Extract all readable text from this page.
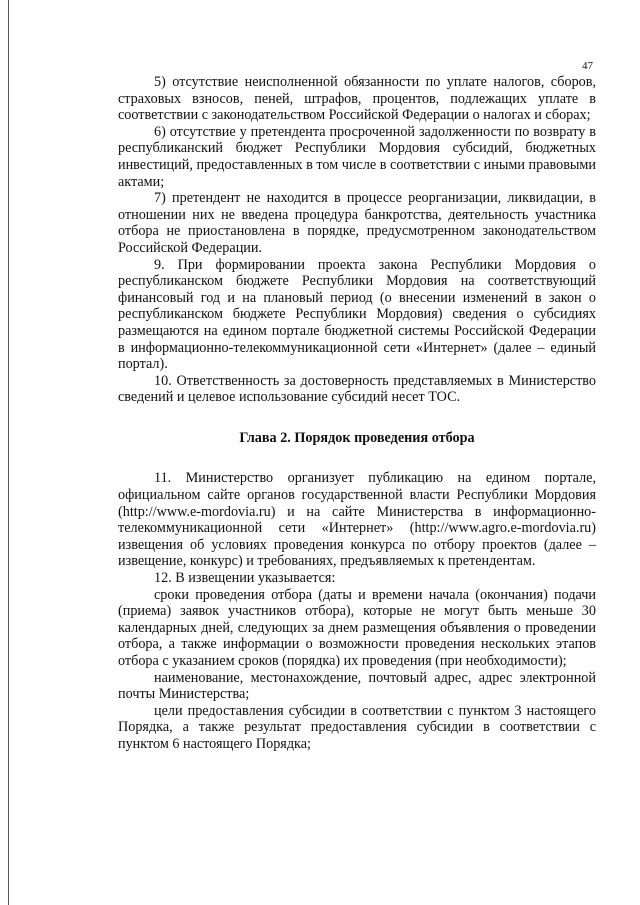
47

5) отсутствие неисполненной обязанности по уплате налогов, сборов, страховых взносов, пеней, штрафов, процентов, подлежащих уплате в соответствии с законодательством Российской Федерации о налогах и сборах;

6) отсутствие у претендента просроченной задолженности по возврату в республиканский бюджет Республики Мордовия субсидий, бюджетных инвестиций, предоставленных в том числе в соответствии с иными правовыми актами;

7) претендент не находится в процессе реорганизации, ликвидации, в отношении них не введена процедура банкротства, деятельность участника отбора не приостановлена в порядке, предусмотренном законодательством Российской Федерации.

9. При формировании проекта закона Республики Мордовия о республиканском бюджете Республики Мордовия на соответствующий финансовый год и на плановый период (о внесении изменений в закон о республиканском бюджете Республики Мордовия) сведения о субсидиях размещаются на едином портале бюджетной системы Российской Федерации в информационно-телекоммуникационной сети «Интернет» (далее – единый портал).

10. Ответственность за достоверность представляемых в Министерство сведений и целевое использование субсидий несет ТОС.

Глава 2. Порядок проведения отбора

11. Министерство организует публикацию на едином портале, официальном сайте органов государственной власти Республики Мордовия (http://www.e-mordovia.ru) и на сайте Министерства в информационно-телекоммуникационной сети «Интернет» (http://www.agro.e-mordovia.ru) извещения об условиях проведения конкурса по отбору проектов (далее – извещение, конкурс) и требованиях, предъявляемых к претендентам.

12. В извещении указывается:

сроки проведения отбора (даты и времени начала (окончания) подачи (приема) заявок участников отбора), которые не могут быть меньше 30 календарных дней, следующих за днем размещения объявления о проведении отбора, а также информации о возможности проведения нескольких этапов отбора с указанием сроков (порядка) их проведения (при необходимости);

наименование, местонахождение, почтовый адрес, адрес электронной почты Министерства;

цели предоставления субсидии в соответствии с пунктом 3 настоящего Порядка, а также результат предоставления субсидии в соответствии с пунктом 6 настоящего Порядка;
